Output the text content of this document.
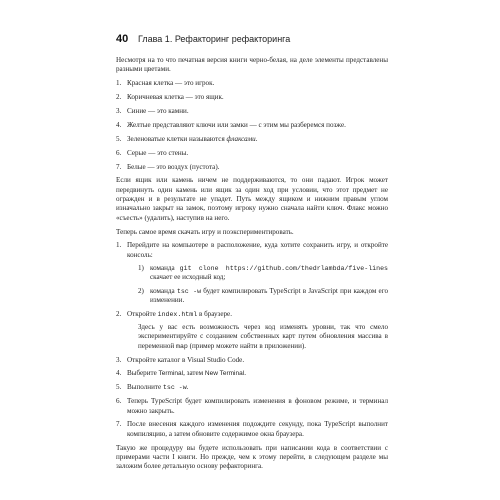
40 Глава 1. Рефакторинг рефакторинга

Несмотря на то что печатная версия книги черно-белая, на деле элементы представлены разными цветами.

1. Красная клетка — это игрок.
2. Коричневая клетка — это ящик.
3. Синие — это камни.
4. Желтые представляют ключи или замки — с этим мы разберемся позже.
5. Зеленоватые клетки называются флаксами.
6. Серые — это стены.
7. Белые — это воздух (пустота).

Если ящик или камень ничем не поддерживаются, то они падают. Игрок может передвинуть один камень или ящик за один ход при условии, что этот предмет не огражден и в результате не упадет. Путь между ящиком и нижним правым углом изначально закрыт на замок, поэтому игроку нужно сначала найти ключ. Флакс можно «съесть» (удалить), наступив на него.

Теперь самое время скачать игру и поэкспериментировать.

1. Перейдите на компьютере в расположение, куда хотите сохранить игру, и откройте консоль:
1) команда git clone https://github.com/thedrlambda/five-lines скачает ее исходный код;
2) команда tsc -w будет компилировать TypeScript в JavaScript при каждом его изменении.
2. Откройте index.html в браузере.
Здесь у вас есть возможность через код изменять уровни, так что смело экспериментируйте с созданием собственных карт путем обновления массива в переменной map (пример можете найти в приложении).
3. Откройте каталог в Visual Studio Code.
4. Выберите Terminal, затем New Terminal.
5. Выполните tsc -w.
6. Теперь TypeScript будет компилировать изменения в фоновом режиме, и терминал можно закрыть.
7. После внесения каждого изменения подождите секунду, пока TypeScript выполнит компиляцию, а затем обновите содержимое окна браузера.

Такую же процедуру вы будете использовать при написании кода в соответствии с примерами части I книги. Но прежде, чем к этому перейти, в следующем разделе мы заложим более детальную основу рефакторинга.
